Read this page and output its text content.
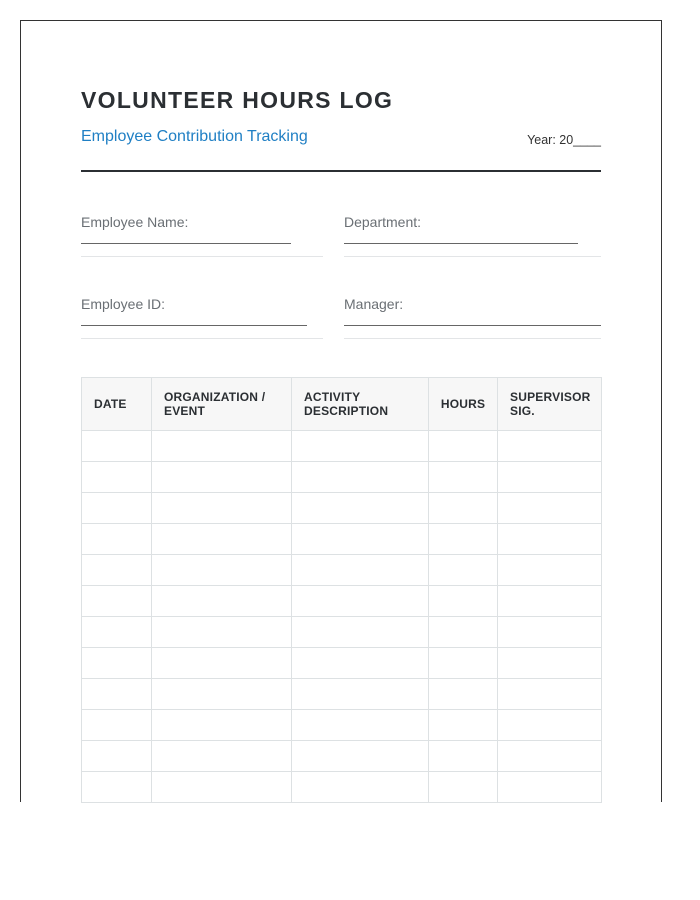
VOLUNTEER HOURS LOG
Employee Contribution Tracking	Year: 20____
Employee Name:	Department:
Employee ID:	Manager:
DATE	ORGANIZATION / EVENT	ACTIVITY DESCRIPTION	HOURS	SUPERVISOR SIG.
